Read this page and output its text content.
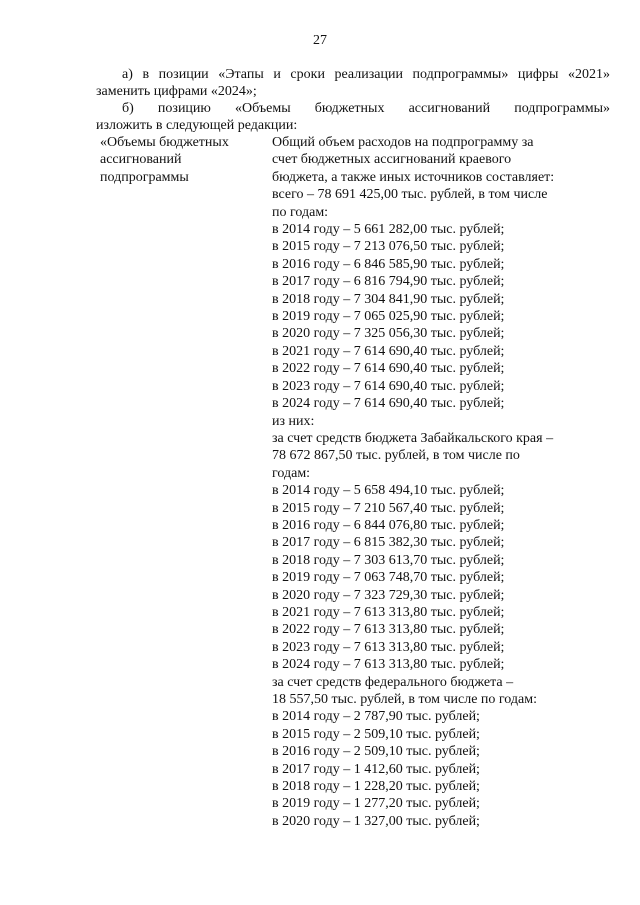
27
а) в позиции «Этапы и сроки реализации подпрограммы» цифры «2021»
заменить цифрами «2024»;
б) позицию «Объемы бюджетных ассигнований подпрограммы»
изложить в следующей редакции:
«Объемы бюджетных
ассигнований
подпрограммы
Общий объем расходов на подпрограмму за
счет бюджетных ассигнований краевого
бюджета, а также иных источников составляет:
всего – 78 691 425,00 тыс. рублей, в том числе
по годам:
в 2014 году – 5 661 282,00 тыс. рублей;
в 2015 году – 7 213 076,50 тыс. рублей;
в 2016 году – 6 846 585,90 тыс. рублей;
в 2017 году – 6 816 794,90 тыс. рублей;
в 2018 году – 7 304 841,90 тыс. рублей;
в 2019 году – 7 065 025,90 тыс. рублей;
в 2020 году – 7 325 056,30 тыс. рублей;
в 2021 году – 7 614 690,40 тыс. рублей;
в 2022 году – 7 614 690,40 тыс. рублей;
в 2023 году – 7 614 690,40 тыс. рублей;
в 2024 году – 7 614 690,40 тыс. рублей;
из них:
за счет средств бюджета Забайкальского края –
78 672 867,50 тыс. рублей, в том числе по
годам:
в 2014 году – 5 658 494,10 тыс. рублей;
в 2015 году – 7 210 567,40 тыс. рублей;
в 2016 году – 6 844 076,80 тыс. рублей;
в 2017 году – 6 815 382,30 тыс. рублей;
в 2018 году – 7 303 613,70 тыс. рублей;
в 2019 году – 7 063 748,70 тыс. рублей;
в 2020 году – 7 323 729,30 тыс. рублей;
в 2021 году – 7 613 313,80 тыс. рублей;
в 2022 году – 7 613 313,80 тыс. рублей;
в 2023 году – 7 613 313,80 тыс. рублей;
в 2024 году – 7 613 313,80 тыс. рублей;
за счет средств федерального бюджета –
18 557,50 тыс. рублей, в том числе по годам:
в 2014 году – 2 787,90 тыс. рублей;
в 2015 году – 2 509,10 тыс. рублей;
в 2016 году – 2 509,10 тыс. рублей;
в 2017 году – 1 412,60 тыс. рублей;
в 2018 году – 1 228,20 тыс. рублей;
в 2019 году – 1 277,20 тыс. рублей;
в 2020 году – 1 327,00 тыс. рублей;
